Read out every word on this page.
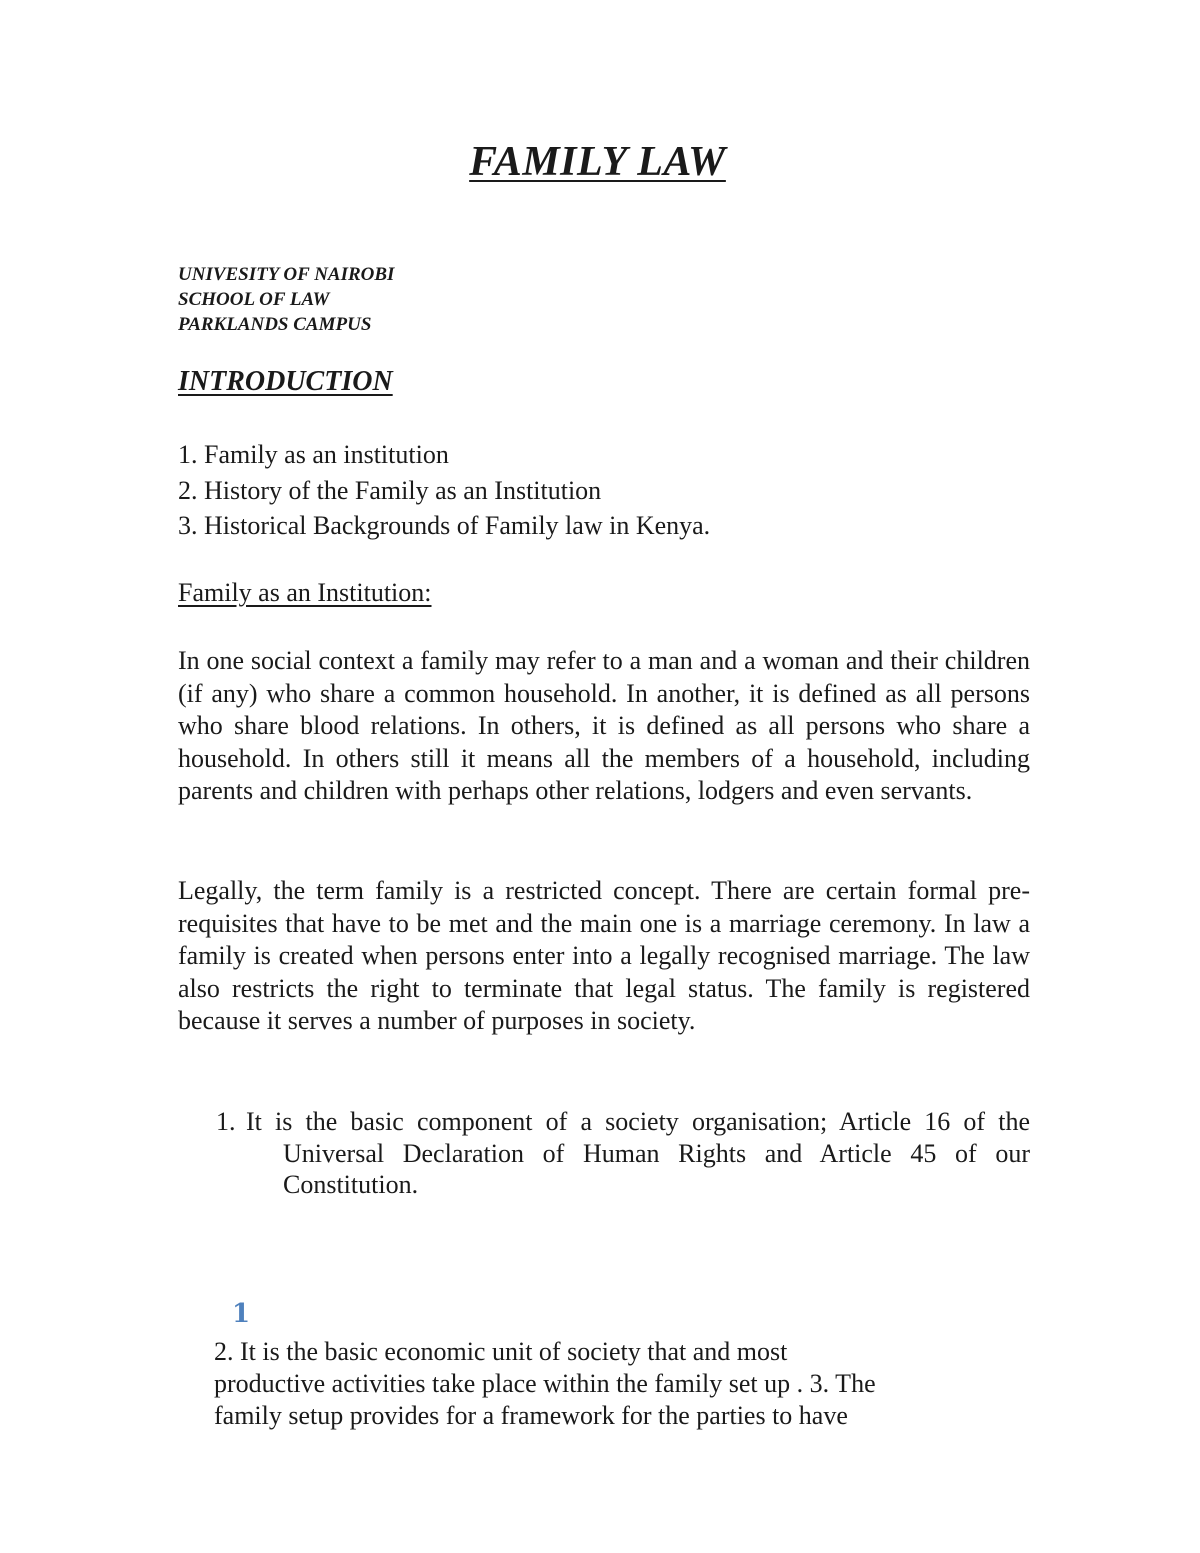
FAMILY LAW
UNIVESITY OF NAIROBI
SCHOOL OF LAW
PARKLANDS CAMPUS
INTRODUCTION
1. Family as an institution
2. History of the Family as an Institution
3. Historical Backgrounds of Family law in Kenya.
Family as an Institution:

In one social context a family may refer to a man and a woman and their children (if any) who share a common household. In another, it is defined as all persons who share blood relations. In others, it is defined as all persons who share a household. In others still it means all the members of a household, including parents and children with perhaps other relations, lodgers and even servants.

Legally, the term family is a restricted concept. There are certain formal pre-requisites that have to be met and the main one is a marriage ceremony. In law a family is created when persons enter into a legally recognised marriage. The law also restricts the right to terminate that legal status. The family is registered because it serves a number of purposes in society.

1. It is the basic component of a society organisation; Article 16 of the Universal Declaration of Human Rights and Article 45 of our Constitution.
1
2. It is the basic economic unit of society that and most
productive activities take place within the family set up . 3. The
family setup provides for a framework for the parties to have
